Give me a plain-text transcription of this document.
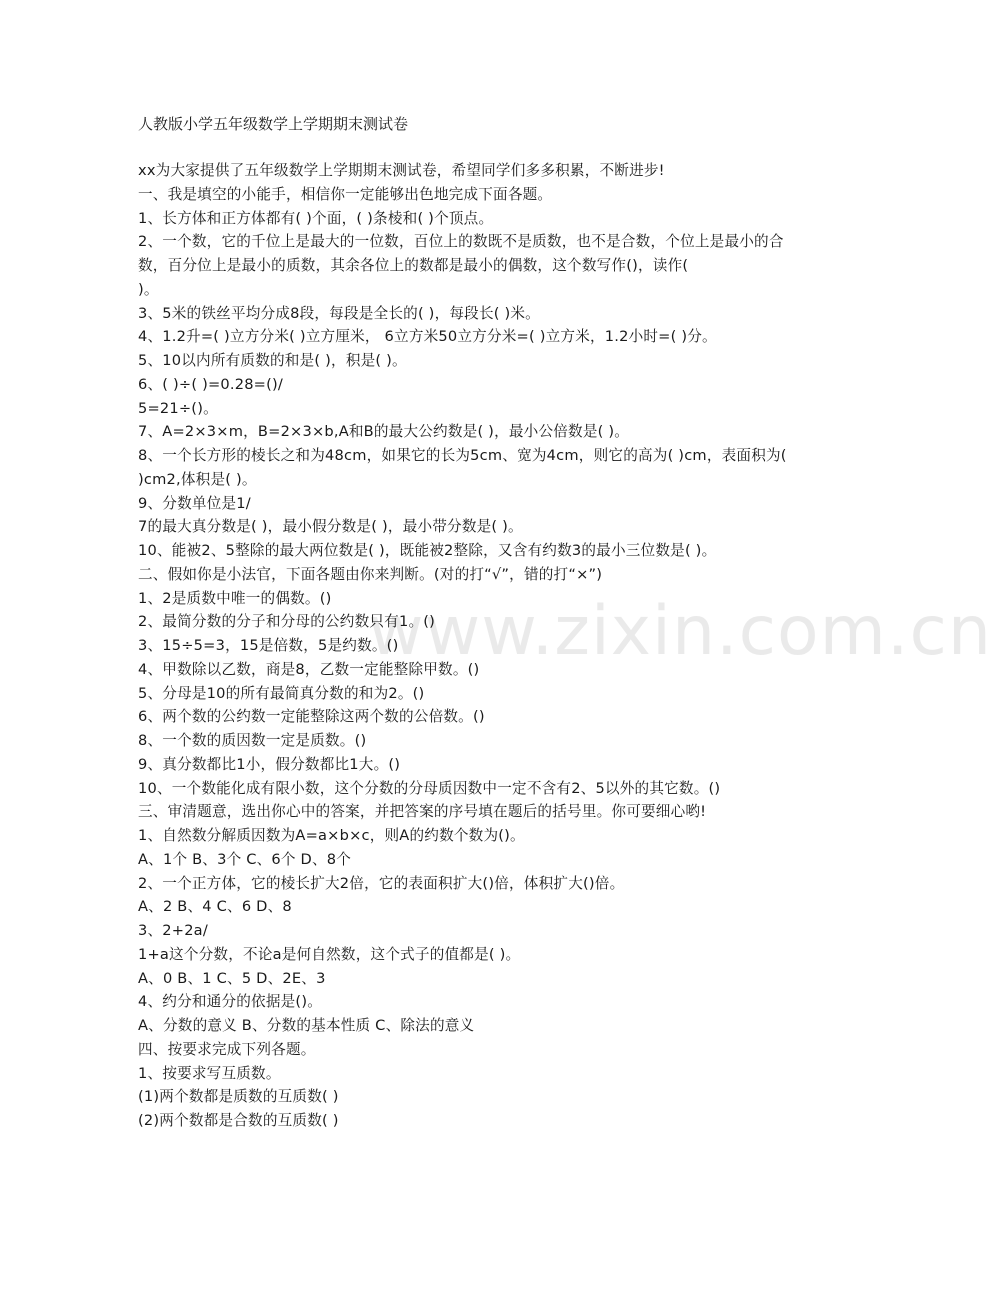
www.zixin.com.cn
人教版小学五年级数学上学期期末测试卷
xx为大家提供了五年级数学上学期期末测试卷，希望同学们多多积累，不断进步!
一、我是填空的小能手，相信你一定能够出色地完成下面各题。
1、长方体和正方体都有( )个面，( )条棱和( )个顶点。
2、一个数，它的千位上是最大的一位数，百位上的数既不是质数，也不是合数，个位上是最小的合数，百分位上是最小的质数，其余各位上的数都是最小的偶数，这个数写作()，读作(
)。
3、5米的铁丝平均分成8段，每段是全长的( )，每段长( )米。
4、1.2升=( )立方分米( )立方厘米， 6立方米50立方分米=( )立方米，1.2小时=( )分。
5、10以内所有质数的和是( )，积是( )。
6、( )÷( )=0.28=()/
5=21÷()。
7、A=2×3×m，B=2×3×b,A和B的最大公约数是( )，最小公倍数是( )。
8、一个长方形的棱长之和为48cm，如果它的长为5cm、宽为4cm，则它的高为( )cm，表面积为( )cm2,体积是( )。
9、分数单位是1/
7的最大真分数是( )，最小假分数是( )，最小带分数是( )。
10、能被2、5整除的最大两位数是( )，既能被2整除，又含有约数3的最小三位数是( )。
二、假如你是小法官，下面各题由你来判断。(对的打“√”，错的打“×”)
1、2是质数中唯一的偶数。()
2、最简分数的分子和分母的公约数只有1。()
3、15÷5=3，15是倍数，5是约数。()
4、甲数除以乙数，商是8，乙数一定能整除甲数。()
5、分母是10的所有最简真分数的和为2。()
6、两个数的公约数一定能整除这两个数的公倍数。()
8、一个数的质因数一定是质数。()
9、真分数都比1小，假分数都比1大。()
10、一个数能化成有限小数，这个分数的分母质因数中一定不含有2、5以外的其它数。()
三、审清题意，选出你心中的答案，并把答案的序号填在题后的括号里。你可要细心哟!
1、自然数分解质因数为A=a×b×c，则A的约数个数为()。
A、1个 B、3个 C、6个 D、8个
2、一个正方体，它的棱长扩大2倍，它的表面积扩大()倍，体积扩大()倍。
A、2 B、4 C、6 D、8
3、2+2a/
1+a这个分数，不论a是何自然数，这个式子的值都是( )。
A、0 B、1 C、5 D、2E、3
4、约分和通分的依据是()。
A、分数的意义 B、分数的基本性质 C、除法的意义
四、按要求完成下列各题。
1、按要求写互质数。
(1)两个数都是质数的互质数( )
(2)两个数都是合数的互质数( )
